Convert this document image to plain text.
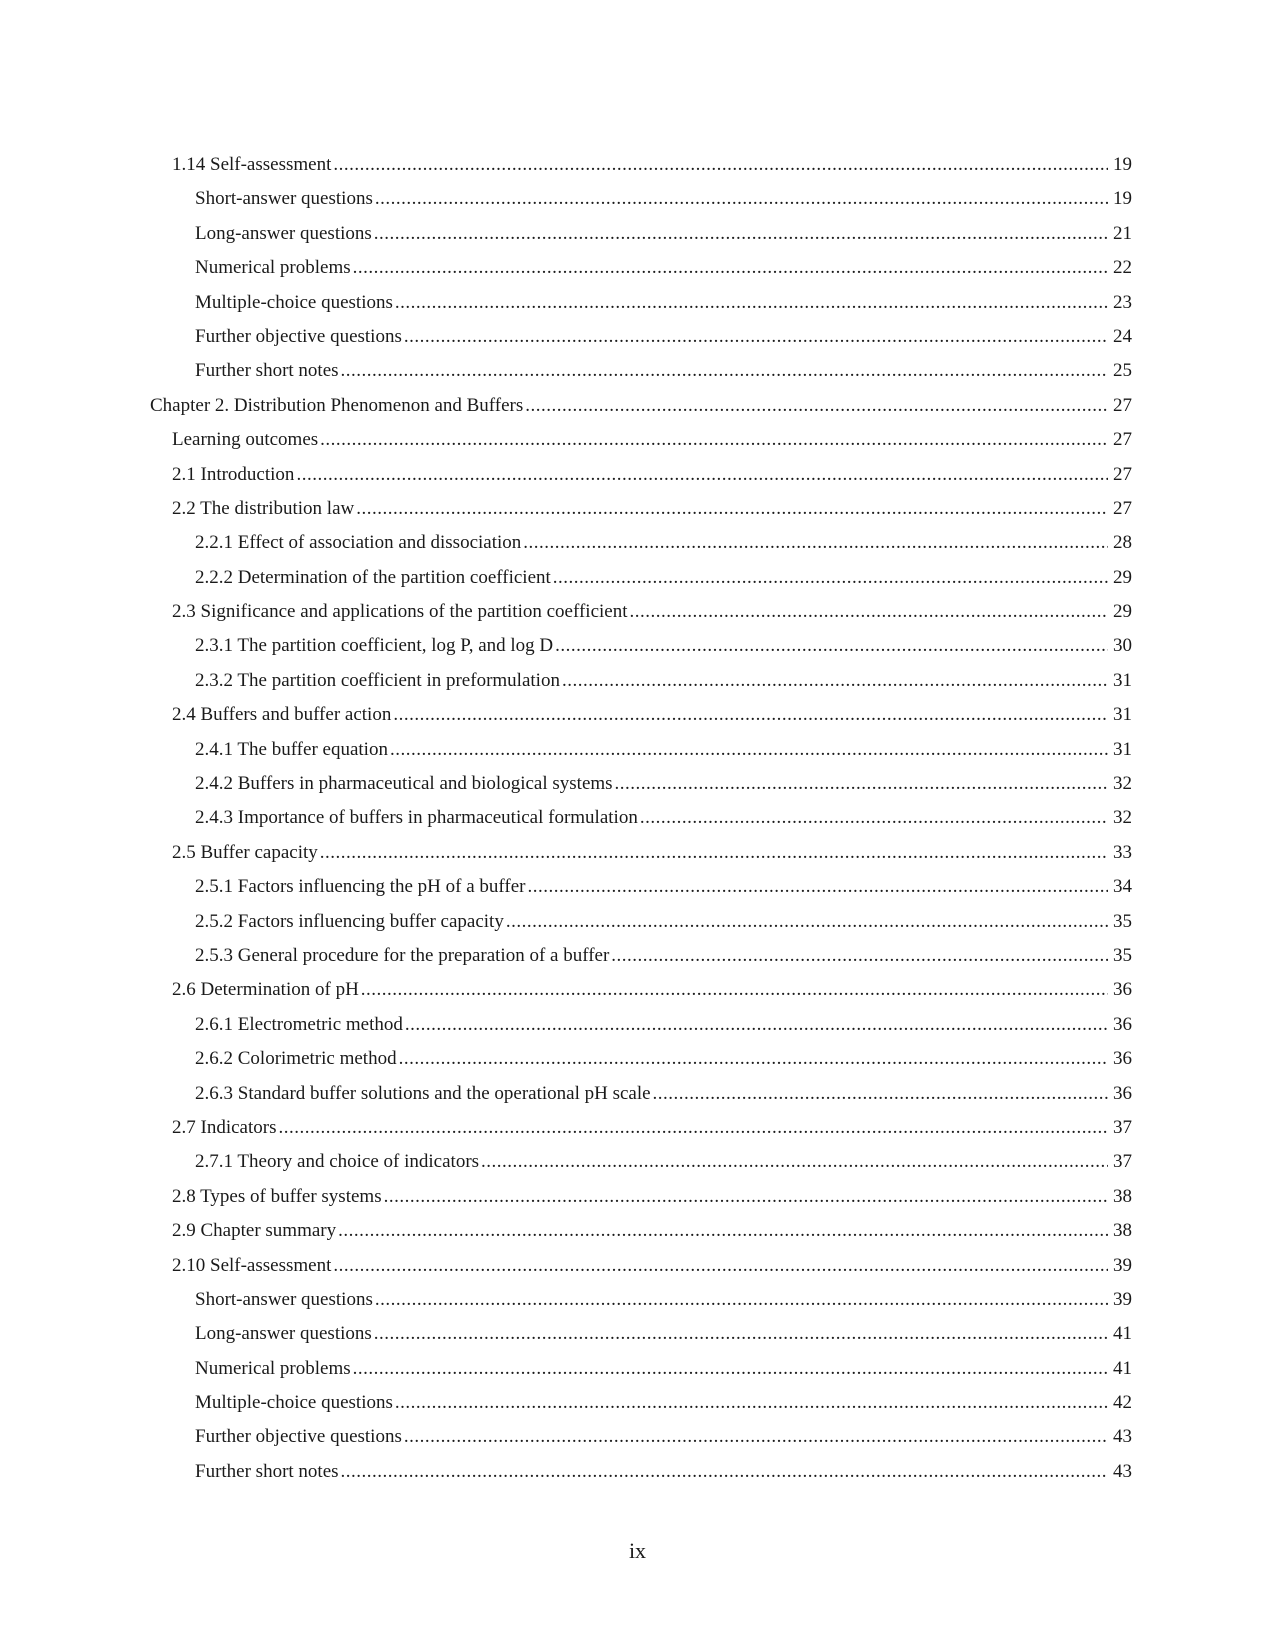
1.14 Self-assessment .....	19
Short-answer questions .....	19
Long-answer questions .....	21
Numerical problems .....	22
Multiple-choice questions .....	23
Further objective questions .....	24
Further short notes .....	25
Chapter 2. Distribution Phenomenon and Buffers .....	27
Learning outcomes .....	27
2.1 Introduction .....	27
2.2 The distribution law .....	27
2.2.1 Effect of association and dissociation .....	28
2.2.2 Determination of the partition coefficient .....	29
2.3 Significance and applications of the partition coefficient .....	29
2.3.1 The partition coefficient, log P, and log D .....	30
2.3.2 The partition coefficient in preformulation .....	31
2.4 Buffers and buffer action .....	31
2.4.1 The buffer equation .....	31
2.4.2 Buffers in pharmaceutical and biological systems .....	32
2.4.3 Importance of buffers in pharmaceutical formulation .....	32
2.5 Buffer capacity .....	33
2.5.1 Factors influencing the pH of a buffer .....	34
2.5.2 Factors influencing buffer capacity .....	35
2.5.3 General procedure for the preparation of a buffer .....	35
2.6 Determination of pH .....	36
2.6.1 Electrometric method .....	36
2.6.2 Colorimetric method .....	36
2.6.3 Standard buffer solutions and the operational pH scale .....	36
2.7 Indicators .....	37
2.7.1 Theory and choice of indicators .....	37
2.8 Types of buffer systems .....	38
2.9 Chapter summary .....	38
2.10 Self-assessment .....	39
Short-answer questions .....	39
Long-answer questions .....	41
Numerical problems .....	41
Multiple-choice questions .....	42
Further objective questions .....	43
Further short notes .....	43
ix
